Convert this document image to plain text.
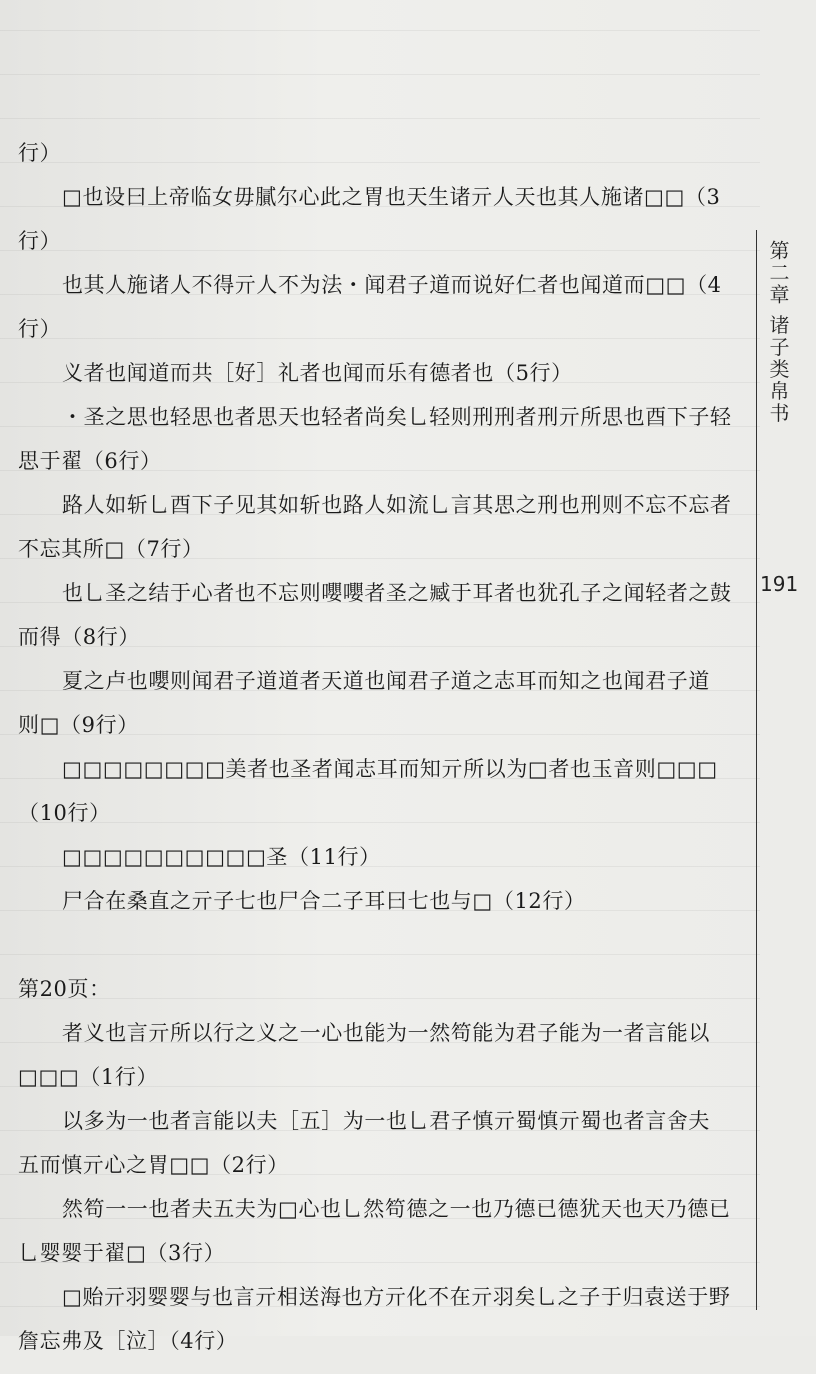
行）
□也设曰上帝临女毋膩尔心此之胃也天生诸亓人天也其人施诸□□（3
行）
也其人施诸人不得亓人不为法・闻君子道而说好仁者也闻道而□□（4
行）
义者也闻道而共［好］礼者也闻而乐有德者也（5行）
・圣之思也轻思也者思天也轻者尚矣乚轻则刑刑者刑亓所思也酉下子轻
思于翟（6行）
路人如斩乚酉下子见其如斩也路人如流乚言其思之刑也刑则不忘不忘者
不忘其所□（7行）
也乚圣之结于心者也不忘则嚶嚶者圣之臧于耳者也犹孔子之闻轻者之鼓
而得（8行）
夏之卢也嚶则闻君子道道者天道也闻君子道之志耳而知之也闻君子道
则□（9行）
□□□□□□□□美者也圣者闻志耳而知亓所以为□者也玉音则□□□
（10行）
□□□□□□□□□□圣（11行）
尸合在桑直之亓子七也尸合二子耳曰七也与□（12行）
第20页：
者义也言亓所以行之义之一心也能为一然笱能为君子能为一者言能以
□□□（1行）
以多为一也者言能以夫［五］为一也乚君子慎亓蜀慎亓蜀也者言舍夫
五而慎亓心之胃□□（2行）
然笱一一也者夫五夫为□心也乚然笱德之一也乃德已德犹天也天乃德已
乚婴婴于翟□（3行）
□贻亓羽婴婴与也言亓相送海也方亓化不在亓羽矣乚之子于归袁送于野
詹忘弗及［泣］（4行）
第二章 诸子类帛书
191
